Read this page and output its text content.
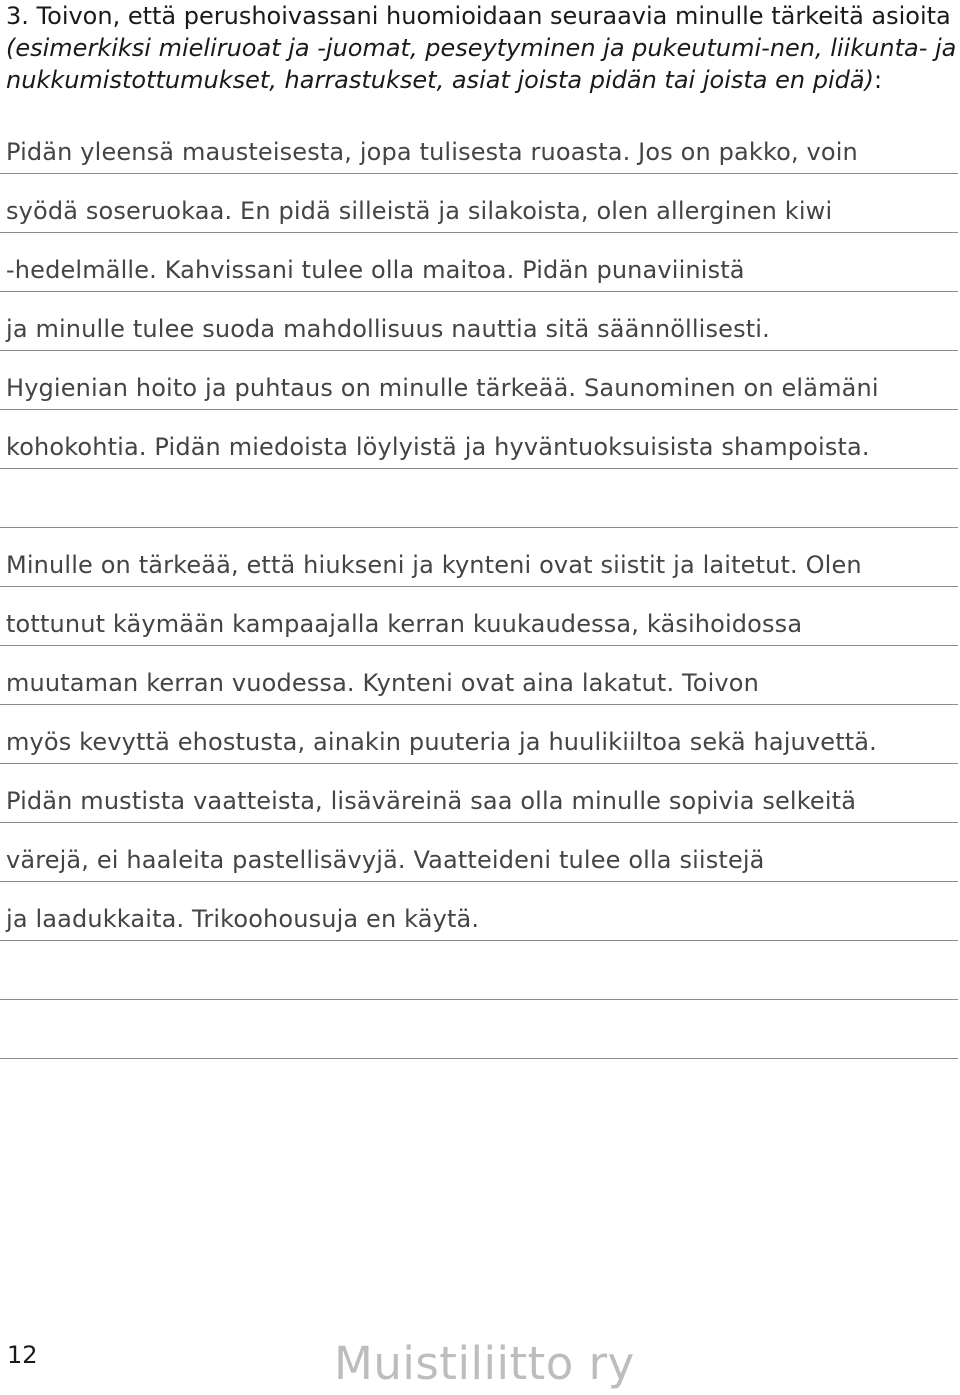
3. Toivon, että perushoivassani huomioidaan seuraavia minulle tärkeitä asioita (esimerkiksi mieliruoat ja -juomat, peseytyminen ja pukeutumi-nen, liikunta- ja nukkumistottumukset, harrastukset, asiat joista pidän tai joista en pidä):
Pidän yleensä mausteisesta, jopa tulisesta ruoasta. Jos on pakko, voin
syödä soseruokaa. En pidä silleistä ja silakoista, olen allerginen kiwi
-hedelmälle. Kahvissani tulee olla maitoa. Pidän punaviinistä
ja minulle tulee suoda mahdollisuus nauttia sitä säännöllisesti.
Hygienian hoito ja puhtaus on minulle tärkeää. Saunominen on elämäni
kohokohtia. Pidän miedoista löylyistä ja hyväntuoksuisista shampoista.
Minulle on tärkeää, että hiukseni ja kynteni ovat siistit ja laitetut. Olen
tottunut käymään kampaajalla kerran kuukaudessa, käsihoidossa
muutaman kerran vuodessa. Kynteni ovat aina lakatut. Toivon
myös kevyttä ehostusta, ainakin puuteria ja huulikiiltoa sekä hajuvettä.
Pidän mustista vaatteista, lisäväreinä saa olla minulle sopivia selkeitä
värejä, ei haaleita pastellisävyjä. Vaatteideni tulee olla siistejä
ja laadukkaita. Trikoohousuja en käytä.
12	Muistiliitto ry
